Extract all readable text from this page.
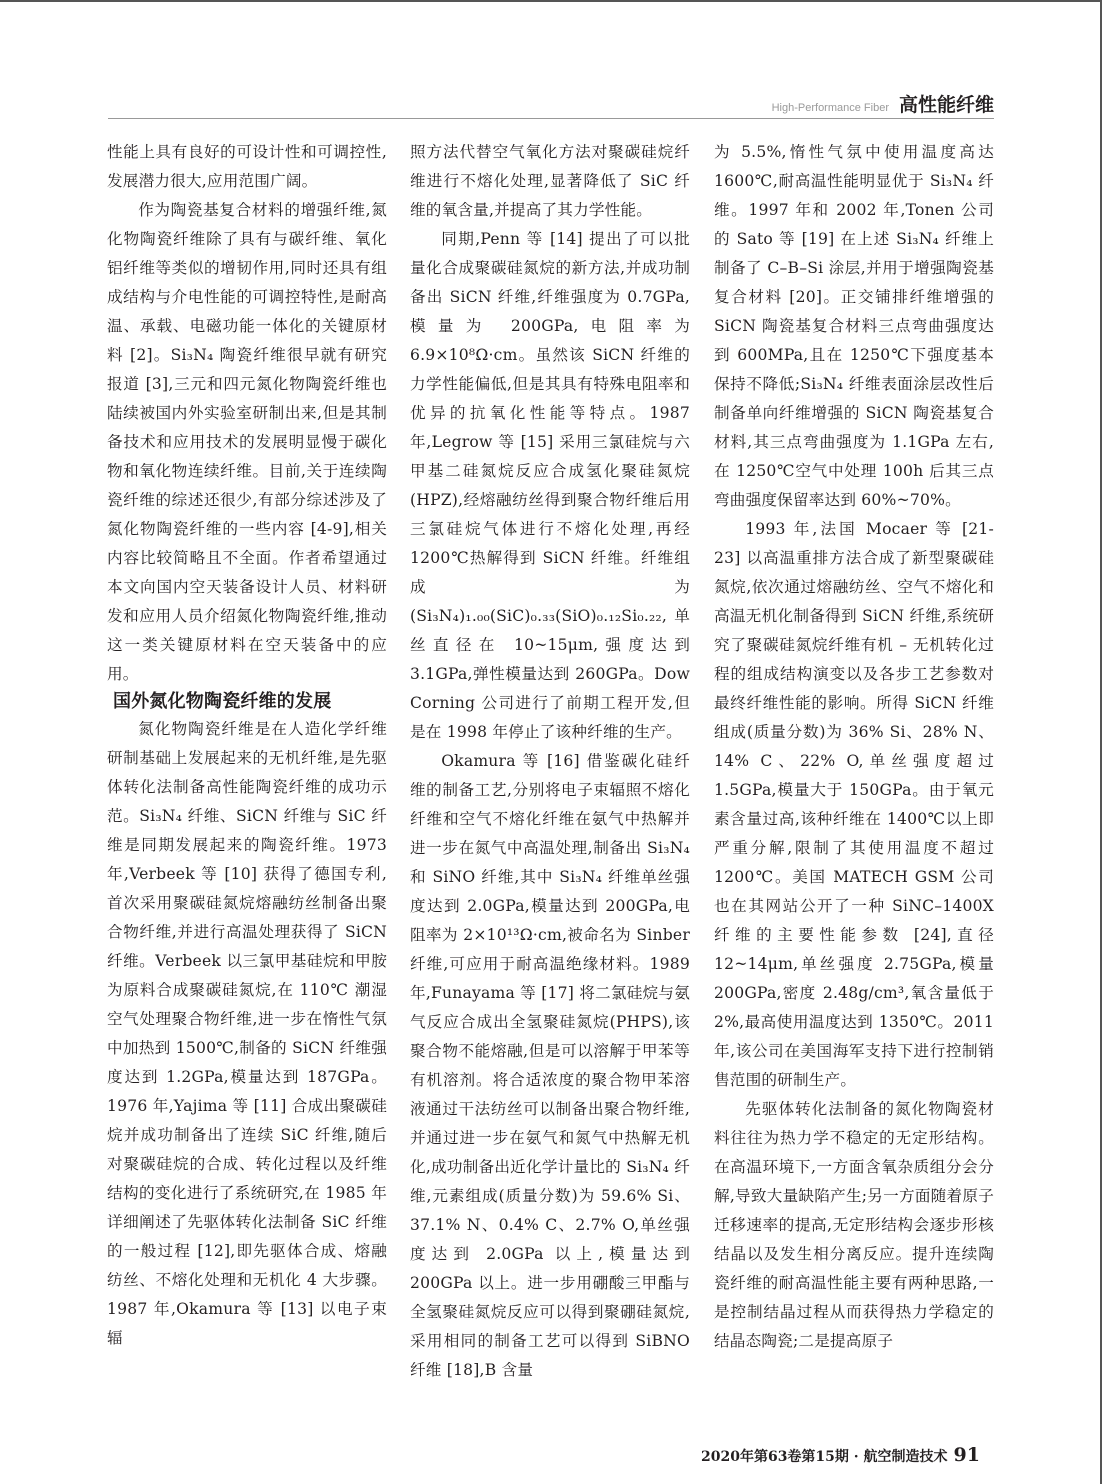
High-Performance Fiber 高性能纤维

性能上具有良好的可设计性和可调控性,发展潜力很大,应用范围广阔。

作为陶瓷基复合材料的增强纤维,氮化物陶瓷纤维除了具有与碳纤维、氧化铝纤维等类似的增韧作用,同时还具有组成结构与介电性能的可调控特性,是耐高温、承载、电磁功能一体化的关键原材料 [2]。Si₃N₄ 陶瓷纤维很早就有研究报道 [3],三元和四元氮化物陶瓷纤维也陆续被国内外实验室研制出来,但是其制备技术和应用技术的发展明显慢于碳化物和氧化物连续纤维。目前,关于连续陶瓷纤维的综述还很少,有部分综述涉及了氮化物陶瓷纤维的一些内容 [4-9],相关内容比较简略且不全面。作者希望通过本文向国内空天装备设计人员、材料研发和应用人员介绍氮化物陶瓷纤维,推动这一类关键原材料在空天装备中的应用。

国外氮化物陶瓷纤维的发展

氮化物陶瓷纤维是在人造化学纤维研制基础上发展起来的无机纤维,是先驱体转化法制备高性能陶瓷纤维的成功示范。Si₃N₄ 纤维、SiCN 纤维与 SiC 纤维是同期发展起来的陶瓷纤维。1973 年,Verbeek 等 [10] 获得了德国专利,首次采用聚碳硅氮烷熔融纺丝制备出聚合物纤维,并进行高温处理获得了 SiCN 纤维。Verbeek 以三氯甲基硅烷和甲胺为原料合成聚碳硅氮烷,在 110℃ 潮湿空气处理聚合物纤维,进一步在惰性气氛中加热到 1500℃,制备的 SiCN 纤维强度达到 1.2GPa,模量达到 187GPa。1976 年,Yajima 等 [11] 合成出聚碳硅烷并成功制备出了连续 SiC 纤维,随后对聚碳硅烷的合成、转化过程以及纤维结构的变化进行了系统研究,在 1985 年详细阐述了先驱体转化法制备 SiC 纤维的一般过程 [12],即先驱体合成、熔融纺丝、不熔化处理和无机化 4 大步骤。1987 年,Okamura 等 [13] 以电子束辐

照方法代替空气氧化方法对聚碳硅烷纤维进行不熔化处理,显著降低了 SiC 纤维的氧含量,并提高了其力学性能。

同期,Penn 等 [14] 提出了可以批量化合成聚碳硅氮烷的新方法,并成功制备出 SiCN 纤维,纤维强度为 0.7GPa,模量为 200GPa,电阻率为 6.9×10⁸Ω·cm。虽然该 SiCN 纤维的力学性能偏低,但是其具有特殊电阻率和优异的抗氧化性能等特点。1987 年,Legrow 等 [15] 采用三氯硅烷与六甲基二硅氮烷反应合成氢化聚硅氮烷(HPZ),经熔融纺丝得到聚合物纤维后用三氯硅烷气体进行不熔化处理,再经 1200℃热解得到 SiCN 纤维。纤维组成为 (Si₃N₄)₁.₀₀(SiC)₀.₃₃(SiO)₀.₁₂Si₀.₂₂,单丝直径在 10~15μm,强度达到 3.1GPa,弹性模量达到 260GPa。Dow Corning 公司进行了前期工程开发,但是在 1998 年停止了该种纤维的生产。

Okamura 等 [16] 借鉴碳化硅纤维的制备工艺,分别将电子束辐照不熔化纤维和空气不熔化纤维在氨气中热解并进一步在氮气中高温处理,制备出 Si₃N₄ 和 SiNO 纤维,其中 Si₃N₄ 纤维单丝强度达到 2.0GPa,模量达到 200GPa,电阻率为 2×10¹³Ω·cm,被命名为 Sinber 纤维,可应用于耐高温绝缘材料。1989 年,Funayama 等 [17] 将二氯硅烷与氨气反应合成出全氢聚硅氮烷(PHPS),该聚合物不能熔融,但是可以溶解于甲苯等有机溶剂。将合适浓度的聚合物甲苯溶液通过干法纺丝可以制备出聚合物纤维,并通过进一步在氨气和氮气中热解无机化,成功制备出近化学计量比的 Si₃N₄ 纤维,元素组成(质量分数)为 59.6% Si、37.1% N、0.4% C、2.7% O,单丝强度达到 2.0GPa 以上,模量达到 200GPa 以上。进一步用硼酸三甲酯与全氢聚硅氮烷反应可以得到聚硼硅氮烷,采用相同的制备工艺可以得到 SiBNO 纤维 [18],B 含量

为 5.5%,惰性气氛中使用温度高达 1600℃,耐高温性能明显优于 Si₃N₄ 纤维。1997 年和 2002 年,Tonen 公司的 Sato 等 [19] 在上述 Si₃N₄ 纤维上制备了 C–B–Si 涂层,并用于增强陶瓷基复合材料 [20]。正交铺排纤维增强的 SiCN 陶瓷基复合材料三点弯曲强度达到 600MPa,且在 1250℃下强度基本保持不降低;Si₃N₄ 纤维表面涂层改性后制备单向纤维增强的 SiCN 陶瓷基复合材料,其三点弯曲强度为 1.1GPa 左右,在 1250℃空气中处理 100h 后其三点弯曲强度保留率达到 60%~70%。

1993 年,法国 Mocaer 等 [21-23] 以高温重排方法合成了新型聚碳硅氮烷,依次通过熔融纺丝、空气不熔化和高温无机化制备得到 SiCN 纤维,系统研究了聚碳硅氮烷纤维有机 – 无机转化过程的组成结构演变以及各步工艺参数对最终纤维性能的影响。所得 SiCN 纤维组成(质量分数)为 36% Si、28% N、14% C、22% O,单丝强度超过 1.5GPa,模量大于 150GPa。由于氧元素含量过高,该种纤维在 1400℃以上即严重分解,限制了其使用温度不超过 1200℃。美国 MATECH GSM 公司也在其网站公开了一种 SiNC–1400X 纤维的主要性能参数 [24],直径 12~14μm,单丝强度 2.75GPa,模量 200GPa,密度 2.48g/cm³,氧含量低于 2%,最高使用温度达到 1350℃。2011 年,该公司在美国海军支持下进行控制销售范围的研制生产。

先驱体转化法制备的氮化物陶瓷材料往往为热力学不稳定的无定形结构。在高温环境下,一方面含氧杂质组分会分解,导致大量缺陷产生;另一方面随着原子迁移速率的提高,无定形结构会逐步形核结晶以及发生相分离反应。提升连续陶瓷纤维的耐高温性能主要有两种思路,一是控制结晶过程从而获得热力学稳定的结晶态陶瓷;二是提高原子

2020年第63卷第15期 · 航空制造技术 91
